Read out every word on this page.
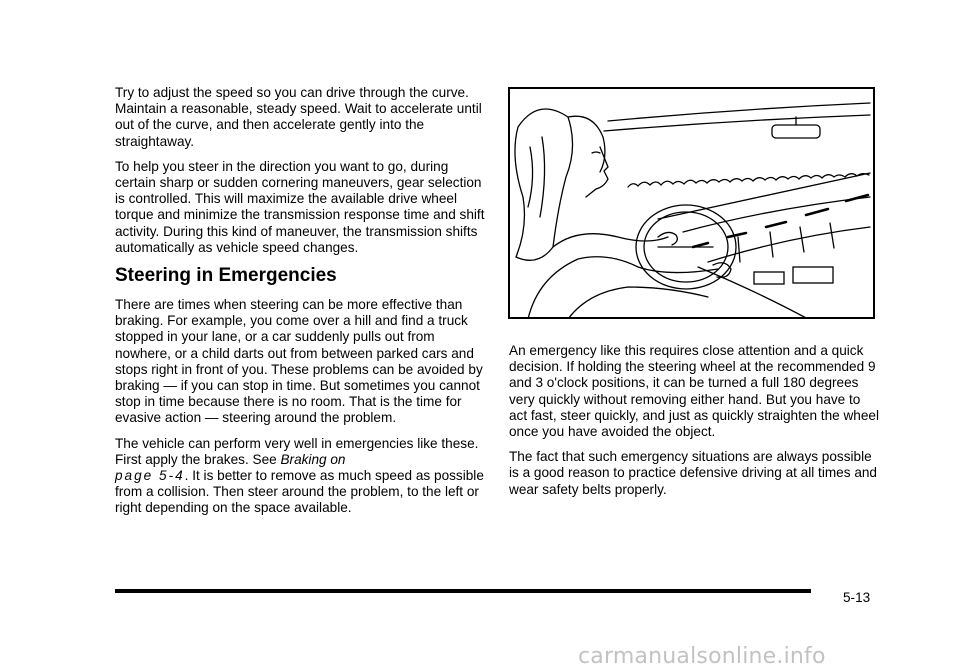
Try to adjust the speed so you can drive through the curve. Maintain a reasonable, steady speed. Wait to accelerate until out of the curve, and then accelerate gently into the straightaway.

To help you steer in the direction you want to go, during certain sharp or sudden cornering maneuvers, gear selection is controlled. This will maximize the available drive wheel torque and minimize the transmission response time and shift activity. During this kind of maneuver, the transmission shifts automatically as vehicle speed changes.

Steering in Emergencies

There are times when steering can be more effective than braking. For example, you come over a hill and find a truck stopped in your lane, or a car suddenly pulls out from nowhere, or a child darts out from between parked cars and stops right in front of you. These problems can be avoided by braking — if you can stop in time. But sometimes you cannot stop in time because there is no room. That is the time for evasive action — steering around the problem.

The vehicle can perform very well in emergencies like these. First apply the brakes. See Braking on
page 5-4. It is better to remove as much speed as possible from a collision. Then steer around the problem, to the left or right depending on the space available.

An emergency like this requires close attention and a quick decision. If holding the steering wheel at the recommended 9 and 3 o'clock positions, it can be turned a full 180 degrees very quickly without removing either hand. But you have to act fast, steer quickly, and just as quickly straighten the wheel once you have avoided the object.

The fact that such emergency situations are always possible is a good reason to practice defensive driving at all times and wear safety belts properly.

5-13
carmanualsonline.info
